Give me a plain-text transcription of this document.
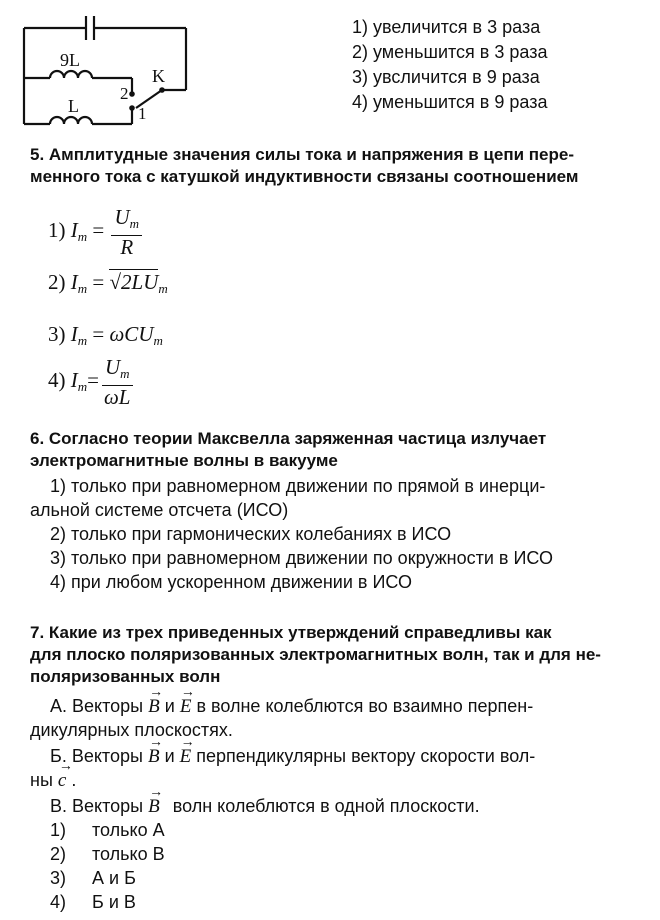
9L
L
K
2
1
1) увеличится в 3 раза
2) уменьшится в 3 раза
3) увсличится в 9 раза
4) уменьшится в 9 раза
5. Амплитудные значения силы тока и напряжения в цепи пере-
менного тока с катушкой индуктивности связаны соотношением
1) $I_m = \frac{U_m}{R}$
2) $I_m = √2LU_m$
3) $I_m = \omega CU_m$
4) $I_m= \frac{U_m}{\omega L}$
6. Согласно теории Максвелла заряженная частица излучает
электромагнитные волны в вакууме
1) только при равномерном движении по прямой в инерци-
альной системе отсчета (ИСО)
2) только при гармонических колебаниях в ИСО
3) только при равномерном движении по окружности в ИСО
4) при любом ускоренном движении в ИСО
7. Какие из трех приведенных утверждений справедливы как
для плоско поляризованных электромагнитных волн, так и для не-
поляризованных волн
А. Векторы → B и → E в волне колеблются во взаимно перпен-
дикулярных плоскостях.
Б. Векторы → B и → E перпендикулярны вектору скорости вол-
ны → c .
В. Векторы → B волн колеблются в одной плоскости.
1) только А
2) только В
3) А и Б
4) Б и В
